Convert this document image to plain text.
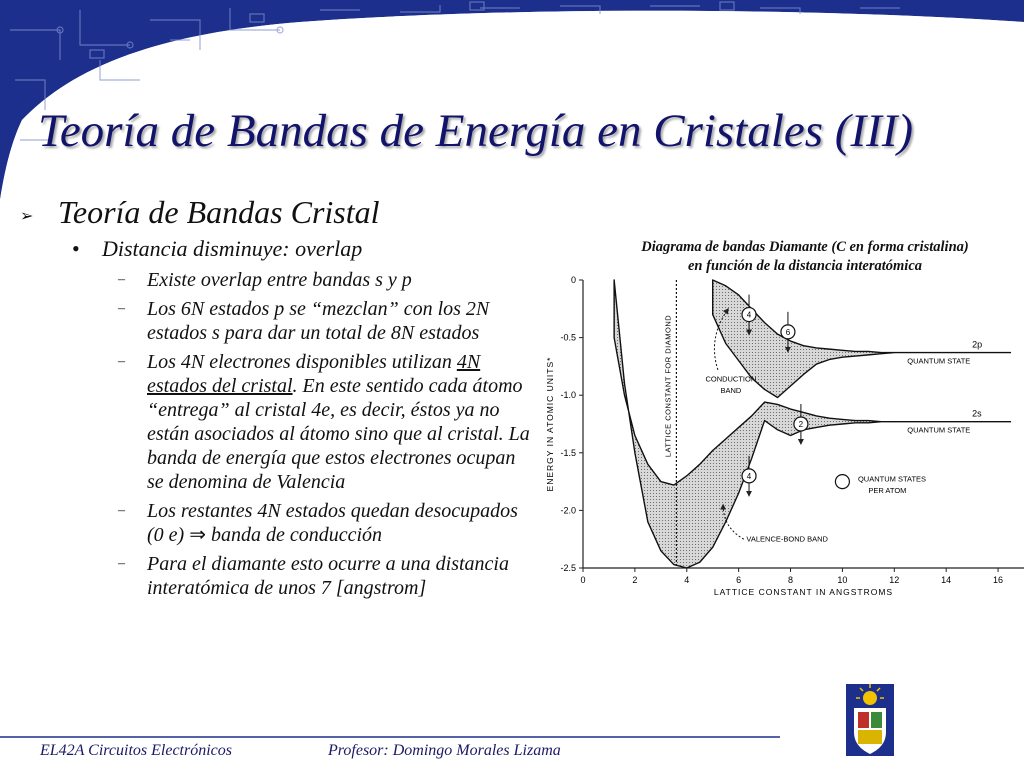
Teoría de Bandas de Energía en Cristales (III)
➢ Teoría de Bandas Cristal
• Distancia disminuye: overlap
– Existe overlap entre bandas s y p
– Los 6N estados p se “mezclan” con los 2N estados s para dar un total de 8N estados
– Los 4N electrones disponibles utilizan 4N estados del cristal. En este sentido cada átomo “entrega” al cristal 4e, es decir, éstos ya no están asociados al átomo sino que al cristal. La banda de energía que estos electrones ocupan se denomina de Valencia
– Los restantes 4N estados quedan desocupados (0 e) ⇒ banda de conducción
– Para el diamante esto ocurre a una distancia interatómica de unos 7 [angstrom]
Diagrama de bandas Diamante (C en forma cristalina)
en función de la distancia interatómica
0	2	4	6	8	10	12	14	16
0
-0.5
-1.0
-1.5
-2.0
-2.5
LATTICE CONSTANT IN ANGSTROMS
ENERGY IN ATOMIC UNITS*
2p
QUANTUM STATE
2s
QUANTUM STATE
LATTICE CONSTANT FOR DIAMOND	4
6
2
4
CONDUCTION
BAND
VALENCE-BOND BAND
QUANTUM STATES
PER ATOM
EL42A Circuitos Electrónicos	Profesor: Domingo Morales Lizama
